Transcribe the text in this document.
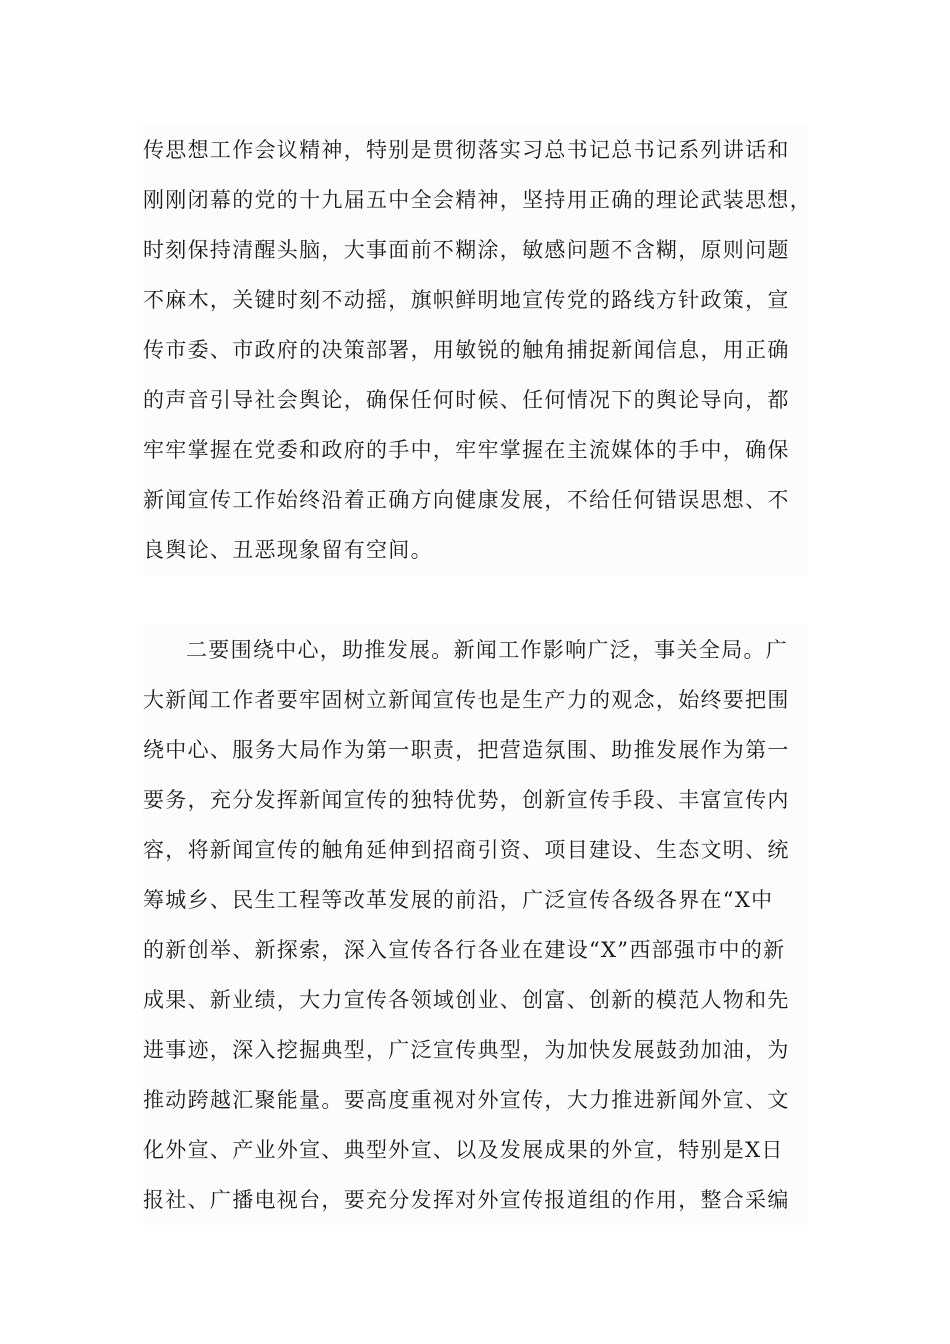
传思想工作会议精神，特别是贯彻落实习总书记总书记系列讲话和
刚刚闭幕的党的十九届五中全会精神，坚持用正确的理论武装思想，
时刻保持清醒头脑，大事面前不糊涂，敏感问题不含糊，原则问题
不麻木，关键时刻不动摇，旗帜鲜明地宣传党的路线方针政策，宣
传市委、市政府的决策部署，用敏锐的触角捕捉新闻信息，用正确
的声音引导社会舆论，确保任何时候、任何情况下的舆论导向，都
牢牢掌握在党委和政府的手中，牢牢掌握在主流媒体的手中，确保
新闻宣传工作始终沿着正确方向健康发展，不给任何错误思想、不
良舆论、丑恶现象留有空间。
二要围绕中心，助推发展。新闻工作影响广泛，事关全局。广
大新闻工作者要牢固树立新闻宣传也是生产力的观念，始终要把围
绕中心、服务大局作为第一职责，把营造氛围、助推发展作为第一
要务，充分发挥新闻宣传的独特优势，创新宣传手段、丰富宣传内
容，将新闻宣传的触角延伸到招商引资、项目建设、生态文明、统
筹城乡、民生工程等改革发展的前沿，广泛宣传各级各界在“X中
的新创举、新探索，深入宣传各行各业在建设“X”西部强市中的新
成果、新业绩，大力宣传各领域创业、创富、创新的模范人物和先
进事迹，深入挖掘典型，广泛宣传典型，为加快发展鼓劲加油，为
推动跨越汇聚能量。要高度重视对外宣传，大力推进新闻外宣、文
化外宣、产业外宣、典型外宣、以及发展成果的外宣，特别是X日
报社、广播电视台，要充分发挥对外宣传报道组的作用，整合采编
